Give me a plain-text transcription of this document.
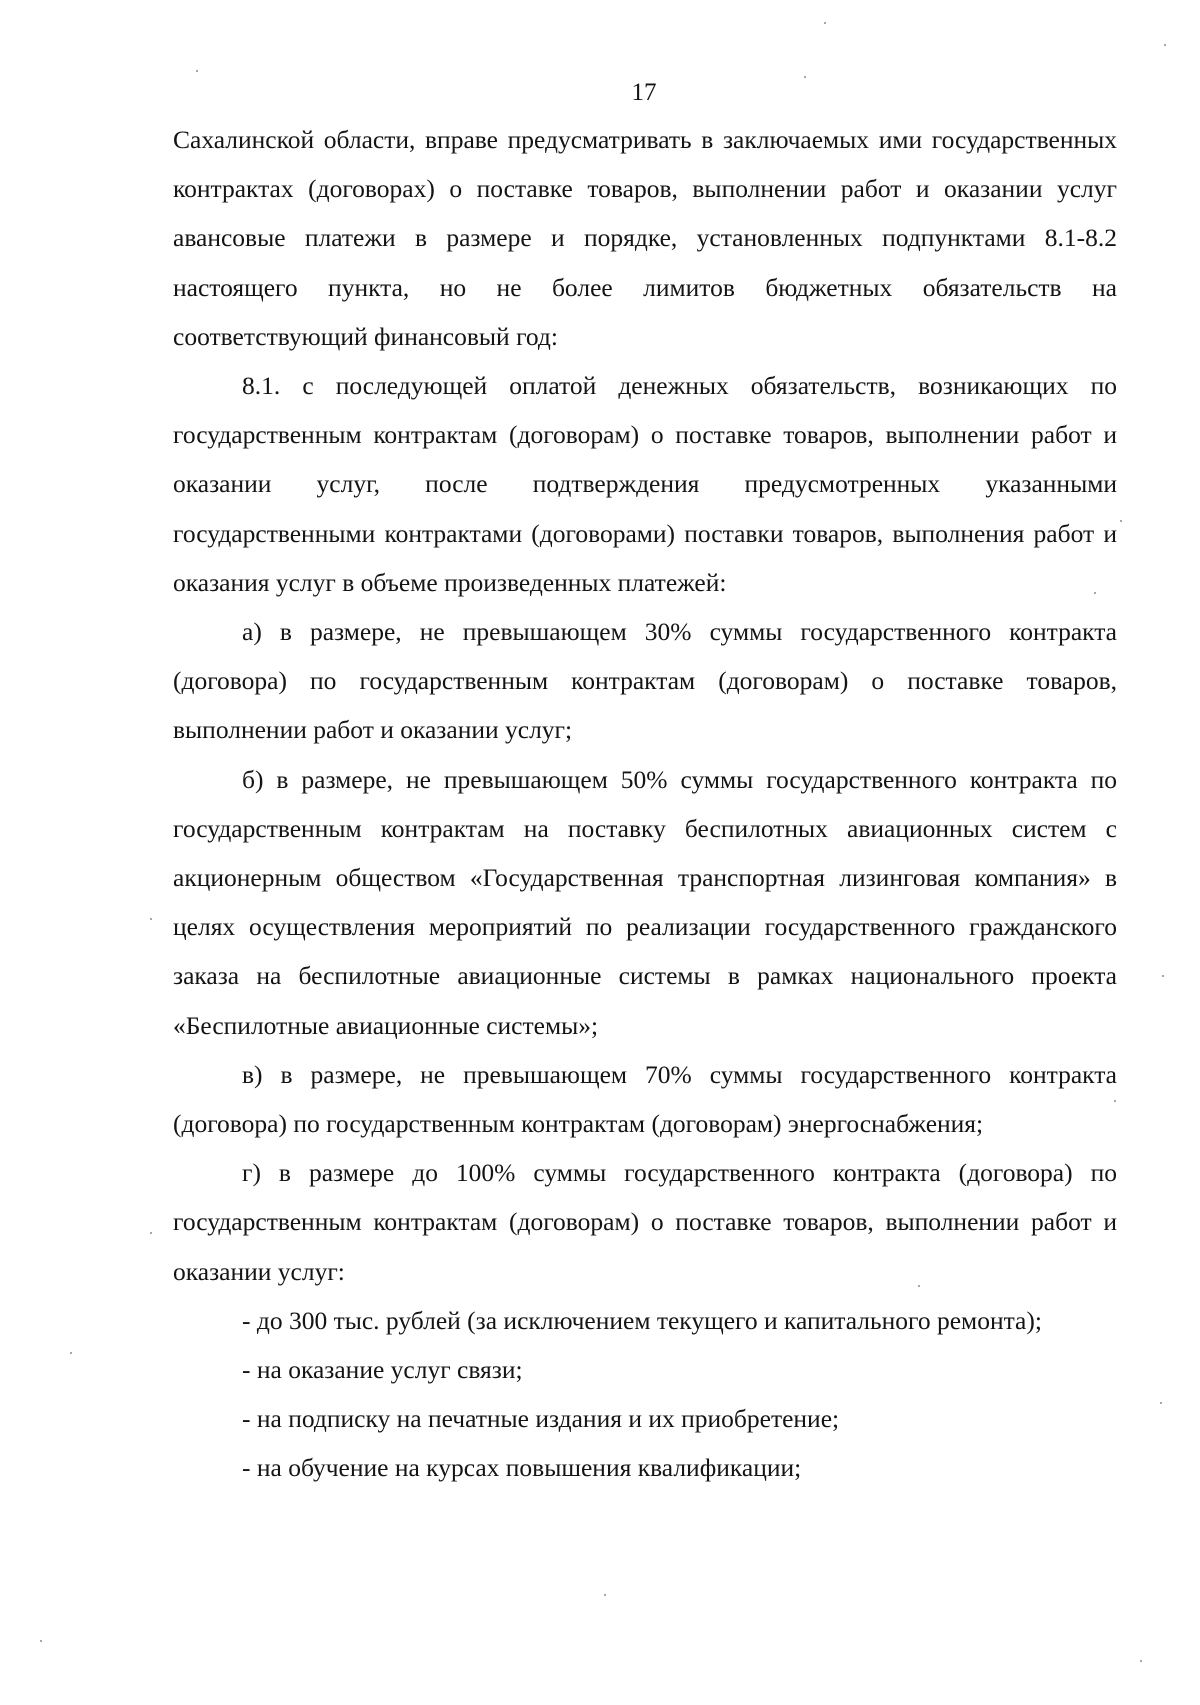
17

Сахалинской области, вправе предусматривать в заключаемых ими государственных контрактах (договорах) о поставке товаров, выполнении работ и оказании услуг авансовые платежи в размере и порядке, установленных подпунктами 8.1-8.2 настоящего пункта, но не более лимитов бюджетных обязательств на соответствующий финансовый год:

8.1. с последующей оплатой денежных обязательств, возникающих по государственным контрактам (договорам) о поставке товаров, выполнении работ и оказании услуг, после подтверждения предусмотренных указанными государственными контрактами (договорами) поставки товаров, выполнения работ и оказания услуг в объеме произведенных платежей:

а) в размере, не превышающем 30% суммы государственного контракта (договора) по государственным контрактам (договорам) о поставке товаров, выполнении работ и оказании услуг;

б) в размере, не превышающем 50% суммы государственного контракта по государственным контрактам на поставку беспилотных авиационных систем с акционерным обществом «Государственная транспортная лизинговая компания» в целях осуществления мероприятий по реализации государственного гражданского заказа на беспилотные авиационные системы в рамках национального проекта «Беспилотные авиационные системы»;

в) в размере, не превышающем 70% суммы государственного контракта (договора) по государственным контрактам (договорам) энергоснабжения;

г) в размере до 100% суммы государственного контракта (договора) по государственным контрактам (договорам) о поставке товаров, выполнении работ и оказании услуг:

- до 300 тыс. рублей (за исключением текущего и капитального ремонта);

- на оказание услуг связи;

- на подписку на печатные издания и их приобретение;

- на обучение на курсах повышения квалификации;
